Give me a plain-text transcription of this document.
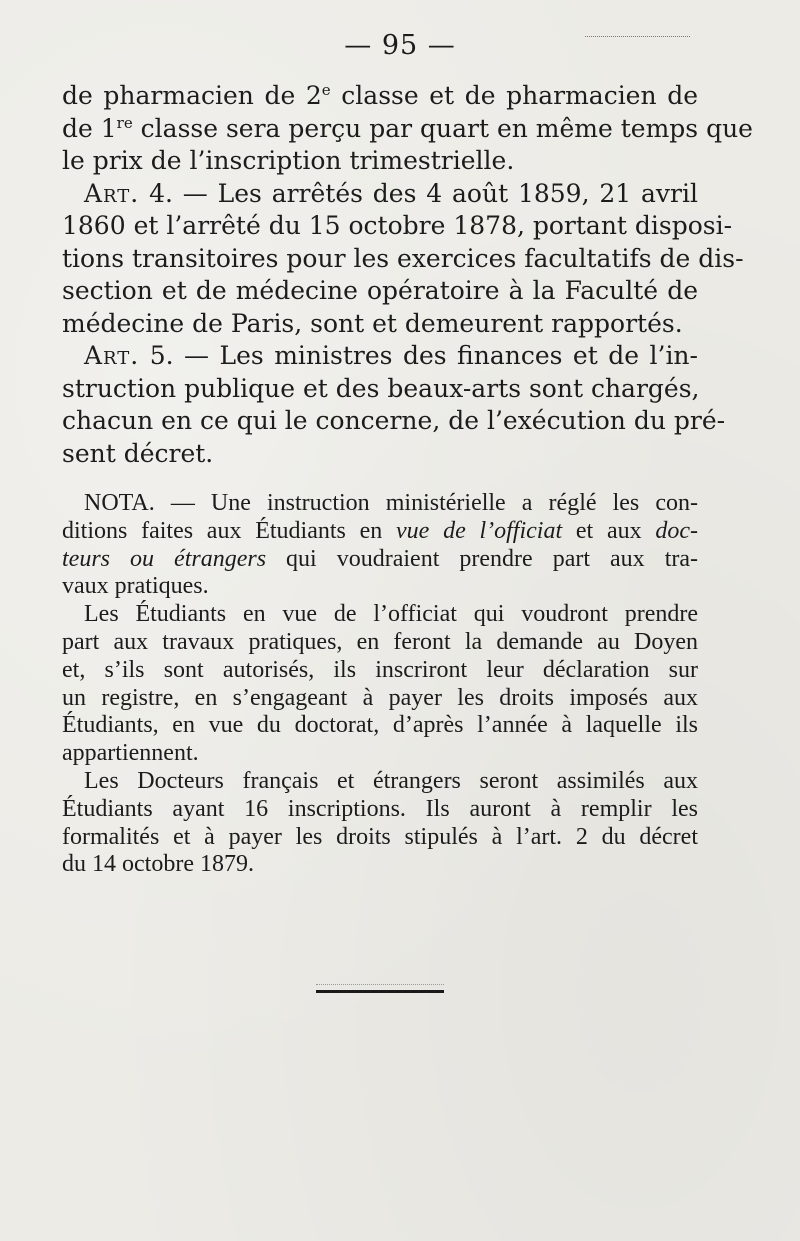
— 95 —
de pharmacien de 2e classe et de pharmacien de
de 1re classe sera perçu par quart en même temps que
le prix de l’inscription trimestrielle.
Art. 4. — Les arrêtés des 4 août 1859, 21 avril
1860 et l’arrêté du 15 octobre 1878, portant disposi-
tions transitoires pour les exercices facultatifs de dis-
section et de médecine opératoire à la Faculté de
médecine de Paris, sont et demeurent rapportés.
Art. 5. — Les ministres des finances et de l’in-
struction publique et des beaux-arts sont chargés,
chacun en ce qui le concerne, de l’exécution du pré-
sent décret.
NOTA. — Une instruction ministérielle a réglé les con-
ditions faites aux Étudiants en vue de l’officiat et aux doc-
teurs ou étrangers qui voudraient prendre part aux tra-
vaux pratiques.
Les Étudiants en vue de l’officiat qui voudront prendre
part aux travaux pratiques, en feront la demande au Doyen
et, s’ils sont autorisés, ils inscriront leur déclaration sur
un registre, en s’engageant à payer les droits imposés aux
Étudiants, en vue du doctorat, d’après l’année à laquelle ils
appartiennent.
Les Docteurs français et étrangers seront assimilés aux
Étudiants ayant 16 inscriptions. Ils auront à remplir les
formalités et à payer les droits stipulés à l’art. 2 du décret
du 14 octobre 1879.
